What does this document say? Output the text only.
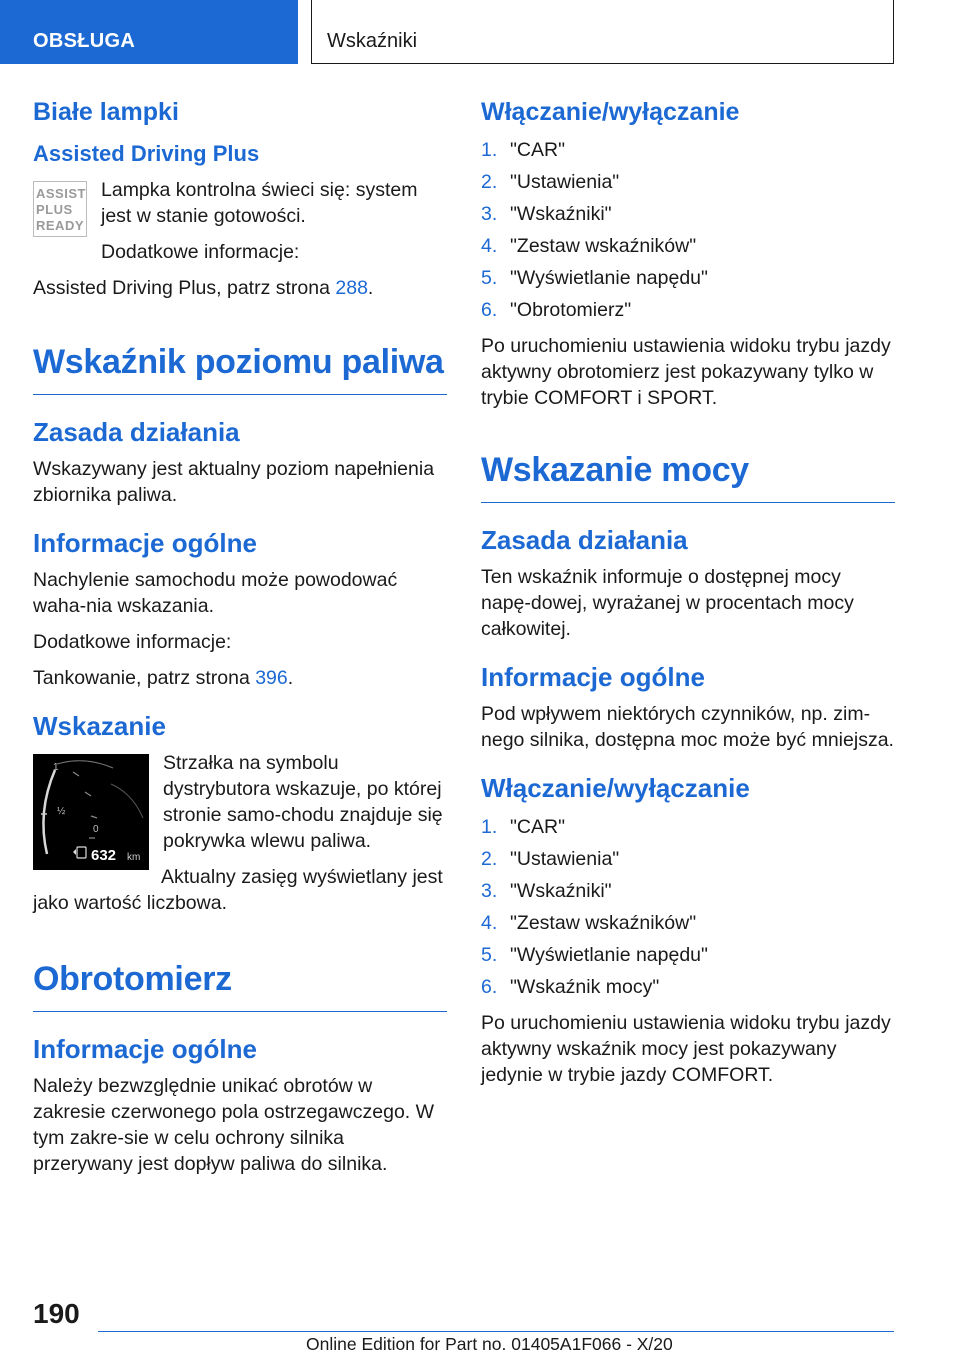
OBSŁUGA	Wskaźniki
Białe lampki
Assisted Driving Plus
ASSIST
PLUS
READY

Lampka kontrolna świeci się: system jest w stanie gotowości.

Dodatkowe informacje:

Assisted Driving Plus, patrz strona 288.

Wskaźnik poziomu paliwa
Zasada działania

Wskazywany jest aktualny poziom napełnienia zbiornika paliwa.

Informacje ogólne

Nachylenie samochodu może powodować waha-nia wskazania.

Dodatkowe informacje:

Tankowanie, patrz strona 396.

Wskazanie
1
½
0
632 km

Strzałka na symbolu dystrybutora wskazuje, po której stronie samo-chodu znajduje się pokrywka wlewu paliwa.

Aktualny zasięg wyświetlany jest jako wartość liczbowa.

Obrotomierz
Informacje ogólne

Należy bezwzględnie unikać obrotów w zakresie czerwonego pola ostrzegawczego. W tym zakre-sie w celu ochrony silnika przerywany jest dopływ paliwa do silnika.

Włączanie/wyłączanie
1. "CAR"
2. "Ustawienia"
3. "Wskaźniki"
4. "Zestaw wskaźników"
5. "Wyświetlanie napędu"
6. "Obrotomierz"

Po uruchomieniu ustawienia widoku trybu jazdy aktywny obrotomierz jest pokazywany tylko w trybie COMFORT i SPORT.

Wskazanie mocy
Zasada działania

Ten wskaźnik informuje o dostępnej mocy napę-dowej, wyrażanej w procentach mocy całkowitej.

Informacje ogólne

Pod wpływem niektórych czynników, np. zim-nego silnika, dostępna moc może być mniejsza.

Włączanie/wyłączanie
1. "CAR"
2. "Ustawienia"
3. "Wskaźniki"
4. "Zestaw wskaźników"
5. "Wyświetlanie napędu"
6. "Wskaźnik mocy"

Po uruchomieniu ustawienia widoku trybu jazdy aktywny wskaźnik mocy jest pokazywany jedynie w trybie jazdy COMFORT.

190
Online Edition for Part no. 01405A1F066 - X/20
